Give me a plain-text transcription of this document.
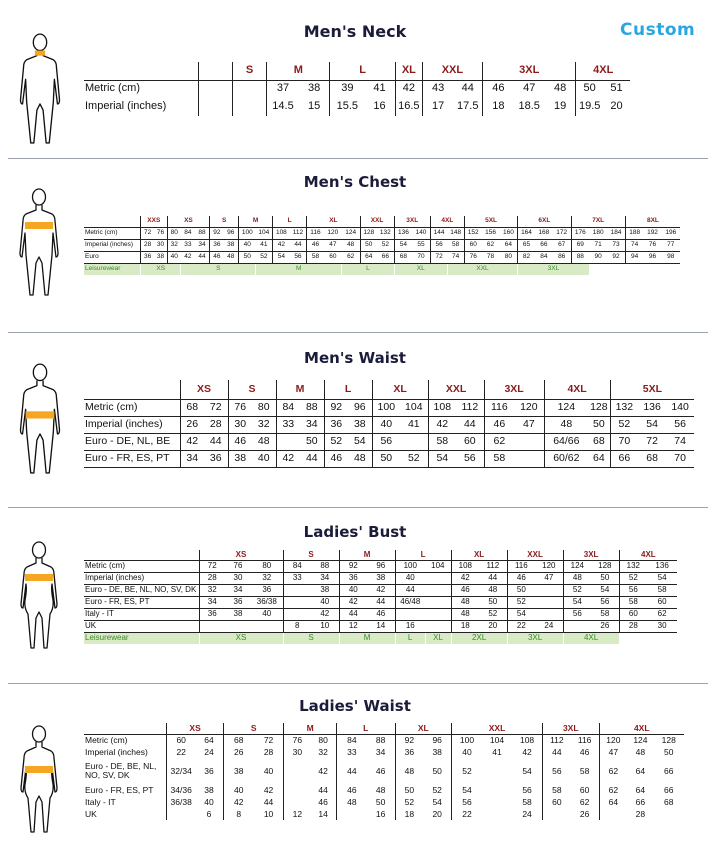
Custom
Men's Neck
		S	M		L		XL	XXL		3XL			4XL	
Metric (cm)			37	38	39	41	42	43	44	46	47	48	50	51
Imperial (inches)			14.5	15	15.5	16	16.5	17	17.5	18	18.5	19	19.5	20
Men's Chest
	XXS		XS			S		M		L		XL			XXL		3XL		4XL		5XL			6XL			7XL			8XL		
Metric (cm)	72	76	80	84	88	92	96	100	104	108	112	116	120	124	128	132	136	140	144	148	152	156	160	164	168	172	176	180	184	188	192	196
Imperial (inches)	28	30	32	33	34	36	38	40	41	42	44	46	47	48	50	52	54	55	56	58	60	62	64	65	66	67	69	71	73	74	76	77
Euro	36	38	40	42	44	46	48	50	52	54	56	58	60	62	64	66	68	70	72	74	76	78	80	82	84	86	88	90	92	94	96	98
Leisurewear	XS			S					M					L			XL			XXL				3XL								
Men's Waist
	XS		S		M		L		XL		XXL		3XL		4XL		5XL		
Metric (cm)	68	72	76	80	84	88	92	96	100	104	108	112	116	120	124	128	132	136	140
Imperial (inches)	26	28	30	32	33	34	36	38	40	41	42	44	46	47	48	50	52	54	56
Euro - DE, NL, BE	42	44	46	48		50	52	54	56		58	60	62		64/66	68	70	72	74
Euro - FR, ES, PT	34	36	38	40	42	44	46	48	50	52	54	56	58		60/62	64	66	68	70
Ladies' Bust
	XS			S		M		L		XL		XXL		3XL		4XL	
Metric (cm)	72	76	80	84	88	92	96	100	104	108	112	116	120	124	128	132	136
Imperial (inches)	28	30	32	33	34	36	38	40		42	44	46	47	48	50	52	54
Euro - DE, BE, NL, NO, SV, DK	32	34	36		38	40	42	44		46	48	50		52	54	56	58
Euro - FR, ES, PT	34	36	36/38		40	42	44	46/48		48	50	52		54	56	58	60
Italy - IT	36	38	40		42	44	46			48	52	54		56	58	60	62
UK				8	10	12	14	16		18	20	22	24		26	28	30
Leisurewear	XS			S		M		L	XL	2XL		3XL		4XL			
Ladies' Waist
	XS		S		M		L		XL		XXL			3XL		4XL		
Metric (cm)	60	64	68	72	76	80	84	88	92	96	100	104	108	112	116	120	124	128
Imperial (inches)	22	24	26	28	30	32	33	34	36	38	40	41	42	44	46	47	48	50
Euro - DE, BE, NL, NO, SV, DK	32/34	36	38	40		42	44	46	48	50	52		54	56	58	62	64	66
Euro - FR, ES, PT	34/36	38	40	42		44	46	48	50	52	54		56	58	60	62	64	66
Italy - IT	36/38	40	42	44		46	48	50	52	54	56		58	60	62	64	66	68
UK		6	8	10	12	14		16	18	20	22		24		26		28	
